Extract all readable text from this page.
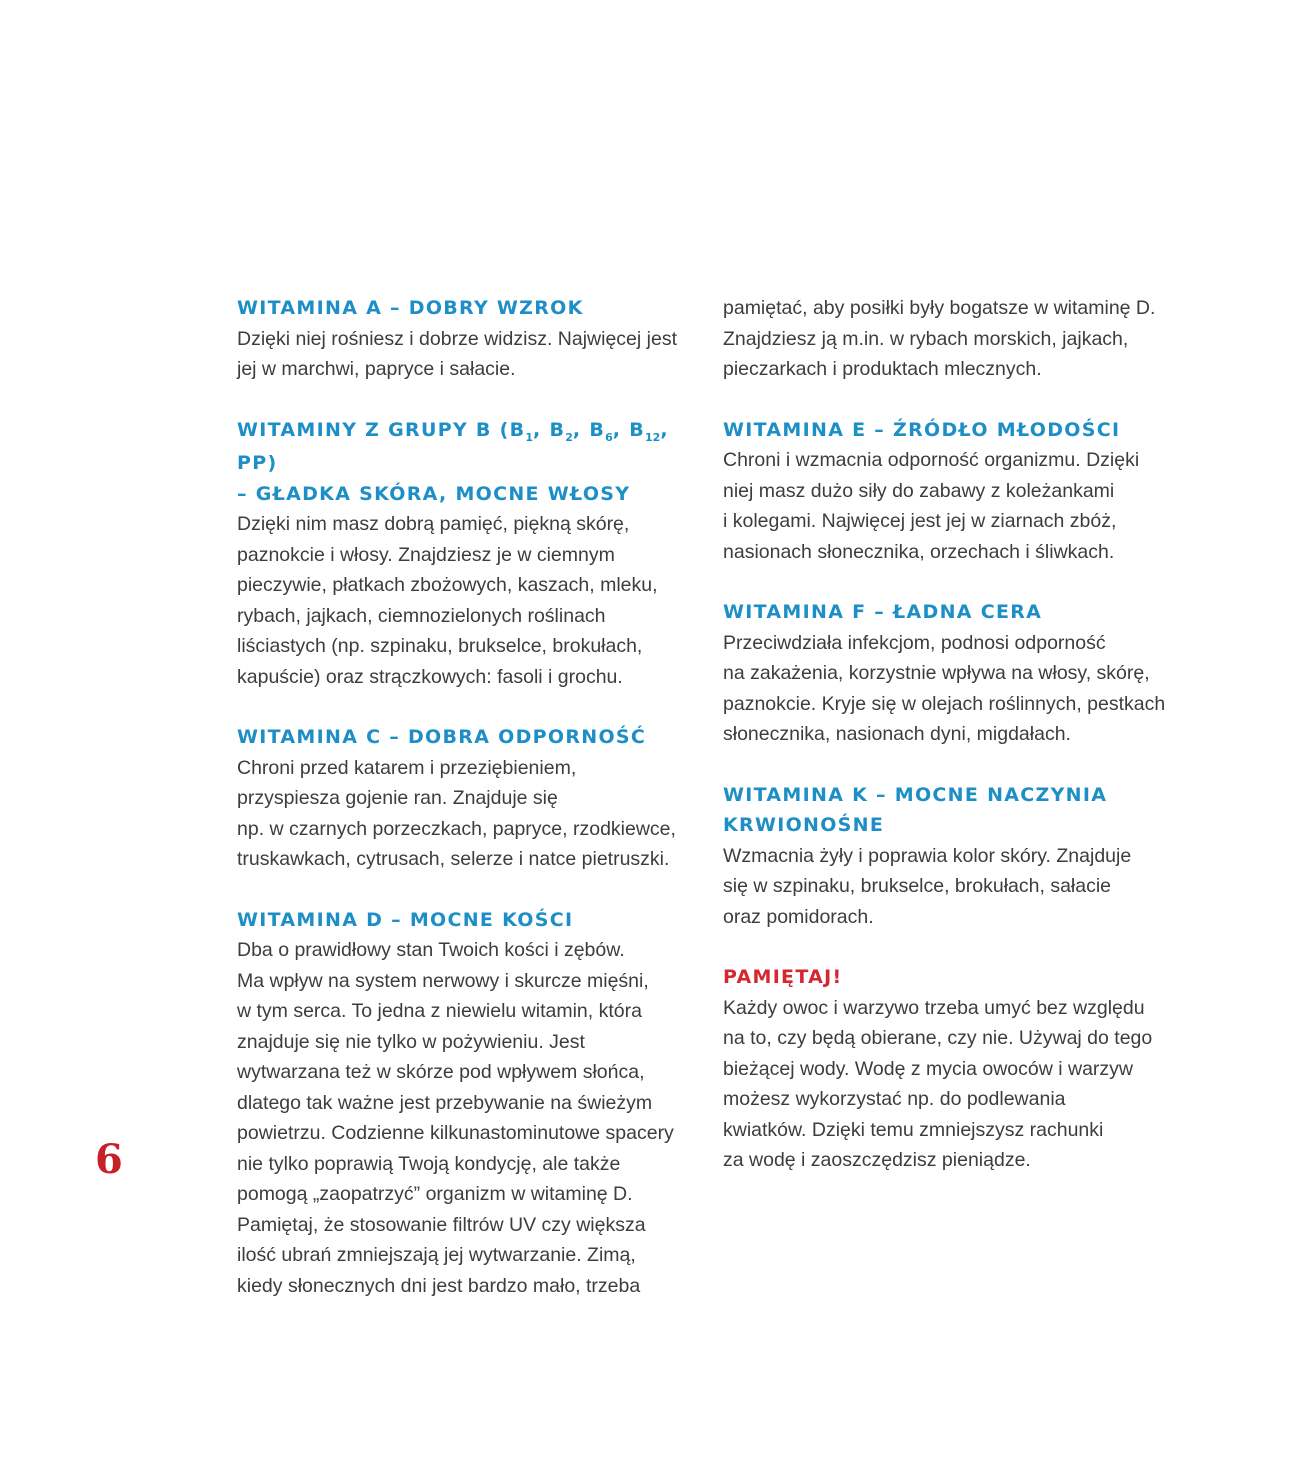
WITAMINA A – DOBRY WZROK
Dzięki niej rośniesz i dobrze widzisz. Najwięcej jest
jej w marchwi, papryce i sałacie.
WITAMINY Z GRUPY B ($B_1$, $B_2$, $B_6$, $B_{12}$, PP)
– GŁADKA SKÓRA, MOCNE WŁOSY
Dzięki nim masz dobrą pamięć, piękną skórę,
paznokcie i włosy. Znajdziesz je w ciemnym
pieczywie, płatkach zbożowych, kaszach, mleku,
rybach, jajkach, ciemnozielonych roślinach
liściastych (np. szpinaku, brukselce, brokułach,
kapuście) oraz strączkowych: fasoli i grochu.
WITAMINA C – DOBRA ODPORNOŚĆ
Chroni przed katarem i przeziębieniem,
przyspiesza gojenie ran. Znajduje się
np. w czarnych porzeczkach, papryce, rzodkiewce,
truskawkach, cytrusach, selerze i natce pietruszki.
WITAMINA D – MOCNE KOŚCI
Dba o prawidłowy stan Twoich kości i zębów.
Ma wpływ na system nerwowy i skurcze mięśni,
w tym serca. To jedna z niewielu witamin, która
znajduje się nie tylko w pożywieniu. Jest
wytwarzana też w skórze pod wpływem słońca,
dlatego tak ważne jest przebywanie na świeżym
powietrzu. Codzienne kilkunastominutowe spacery
nie tylko poprawią Twoją kondycję, ale także
pomogą „zaopatrzyć” organizm w witaminę D.
Pamiętaj, że stosowanie filtrów UV czy większa
ilość ubrań zmniejszają jej wytwarzanie. Zimą,
kiedy słonecznych dni jest bardzo mało, trzeba
pamiętać, aby posiłki były bogatsze w witaminę D.
Znajdziesz ją m.in. w rybach morskich, jajkach,
pieczarkach i produktach mlecznych.
WITAMINA E – ŹRÓDŁO MŁODOŚCI
Chroni i wzmacnia odporność organizmu. Dzięki
niej masz dużo siły do zabawy z koleżankami
i kolegami. Najwięcej jest jej w ziarnach zbóż,
nasionach słonecznika, orzechach i śliwkach.
WITAMINA F – ŁADNA CERA
Przeciwdziała infekcjom, podnosi odporność
na zakażenia, korzystnie wpływa na włosy, skórę,
paznokcie. Kryje się w olejach roślinnych, pestkach
słonecznika, nasionach dyni, migdałach.
WITAMINA K – MOCNE NACZYNIA
KRWIONOŚNE
Wzmacnia żyły i poprawia kolor skóry. Znajduje
się w szpinaku, brukselce, brokułach, sałacie
oraz pomidorach.
PAMIĘTAJ!
Każdy owoc i warzywo trzeba umyć bez względu
na to, czy będą obierane, czy nie. Używaj do tego
bieżącej wody. Wodę z mycia owoców i warzyw
możesz wykorzystać np. do podlewania
kwiatków. Dzięki temu zmniejszysz rachunki
za wodę i zaoszczędzisz pieniądze.
6
